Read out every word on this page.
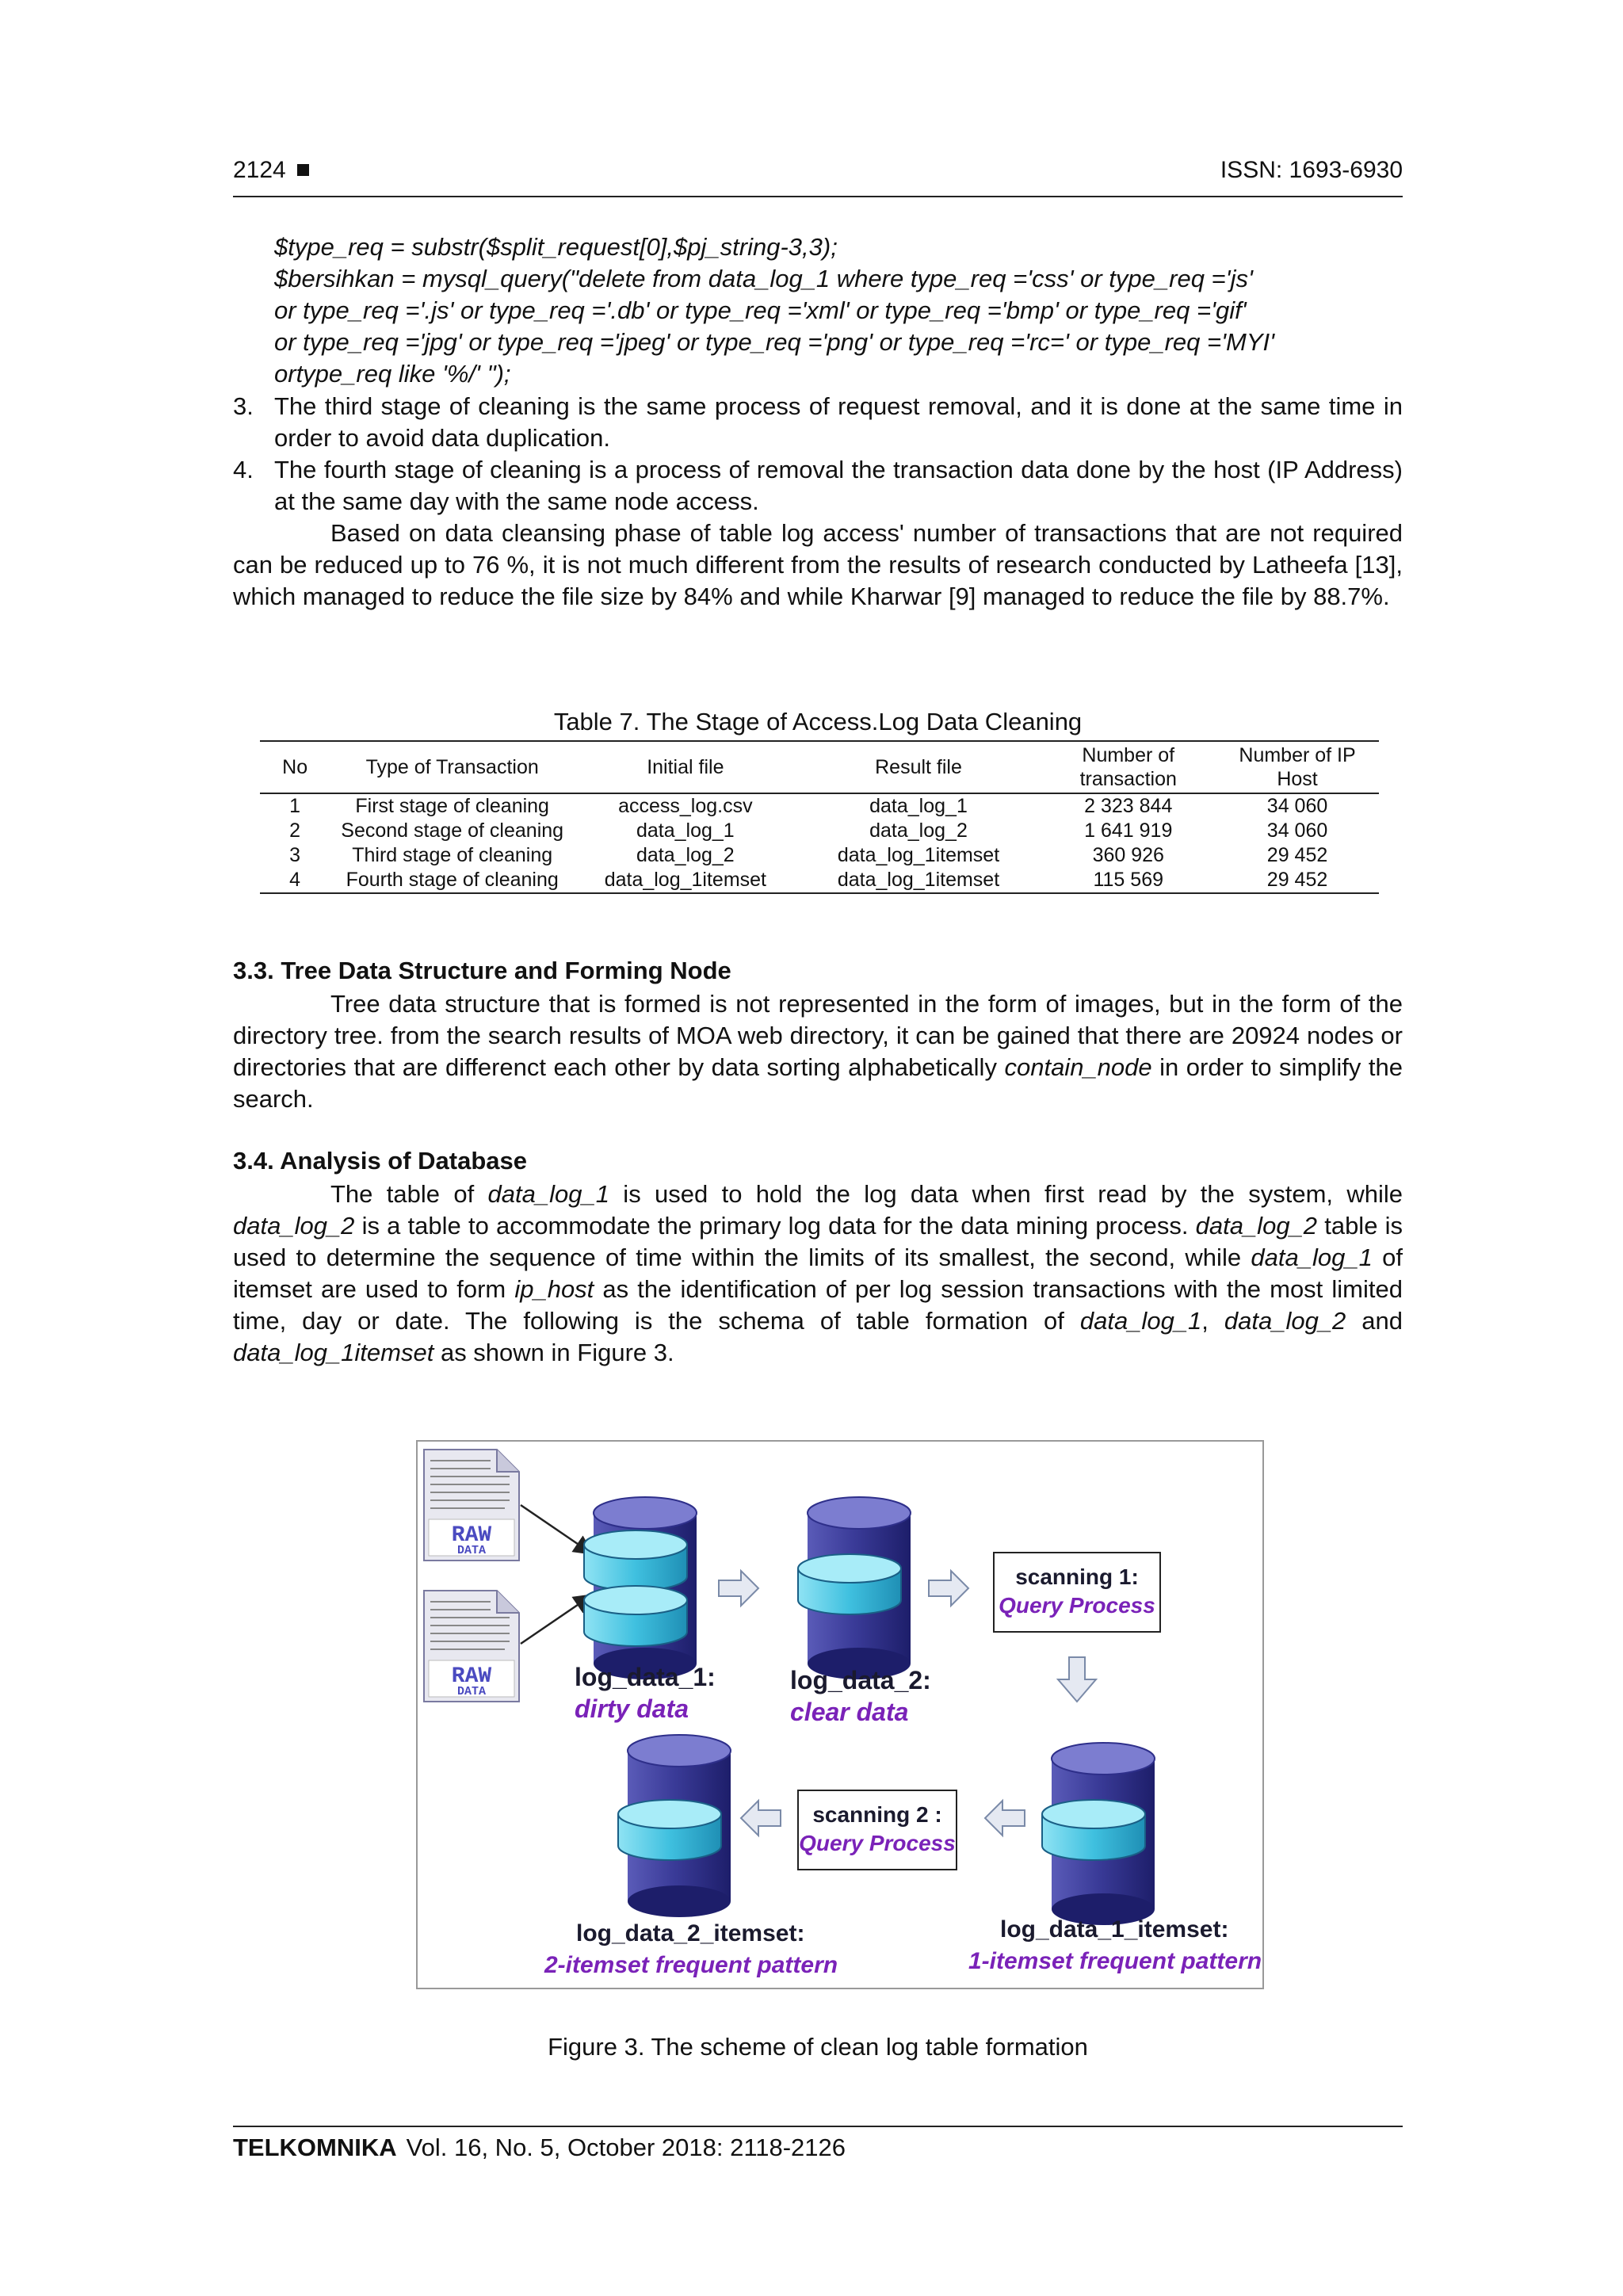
2124	ISSN: 1693-6930
$type_req = substr($split_request[0],$pj_string-3,3);
$bersihkan = mysql_query("delete from data_log_1 where type_req ='css' or type_req ='js'
or type_req ='.js' or type_req ='.db' or type_req ='xml' or type_req ='bmp' or type_req ='gif'
or type_req ='jpg' or type_req ='jpeg' or type_req ='png' or type_req ='rc=' or type_req ='MYI'
ortype_req like '%/' ");
3. The third stage of cleaning is the same process of request removal, and it is done at the same time in order to avoid data duplication.
4. The fourth stage of cleaning is a process of removal the transaction data done by the host (IP Address) at the same day with the same node access.
Based on data cleansing phase of table log access' number of transactions that are not required can be reduced up to 76 %, it is not much different from the results of research conducted by Latheefa [13], which managed to reduce the file size by 84% and while Kharwar [9] managed to reduce the file by 88.7%.
Table 7. The Stage of Access.Log Data Cleaning
No	Type of Transaction	Initial file	Result file	Number of transaction	Number of IP Host
1	First stage of cleaning	access_log.csv	data_log_1	2 323 844	34 060
2	Second stage of cleaning	data_log_1	data_log_2	1 641 919	34 060
3	Third stage of cleaning	data_log_2	data_log_1itemset	360 926	29 452
4	Fourth stage of cleaning	data_log_1itemset	data_log_1itemset	115 569	29 452
3.3. Tree Data Structure and Forming Node
Tree data structure that is formed is not represented in the form of images, but in the form of the directory tree. from the search results of MOA web directory, it can be gained that there are 20924 nodes or directories that are differenct each other by data sorting alphabetically contain_node in order to simplify the search.
3.4. Analysis of Database
The table of data_log_1 is used to hold the log data when first read by the system, while data_log_2 is a table to accommodate the primary log data for the data mining process. data_log_2 table is used to determine the sequence of time within the limits of its smallest, the second, while data_log_1 of itemset are used to form ip_host as the identification of per log session transactions with the most limited time, day or date. The following is the schema of table formation of data_log_1, data_log_2 and data_log_1itemset as shown in Figure 3.
RAW
DATA
RAW
DATA
scanning 1:
Query Process
log_data_1:
dirty data
log_data_2:
clear data
scanning 2 :
Query Process
log_data_2_itemset:
2-itemset frequent pattern
log_data_1_itemset:
1-itemset frequent pattern
Figure 3. The scheme of clean log table formation
TELKOMNIKA Vol. 16, No. 5, October 2018: 2118-2126
